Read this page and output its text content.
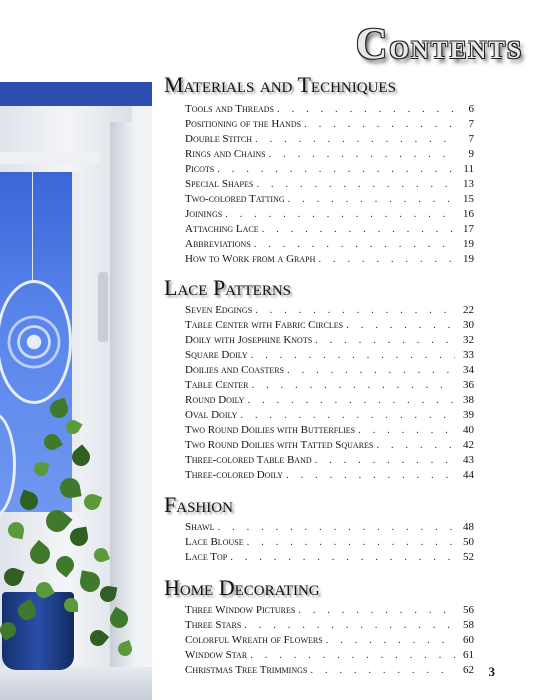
Contents
Materials and Techniques
Tools and Threads . . .	6
Positioning of the Hands . . .	7
Double Stitch . . .	7
Rings and Chains . . .	9
Picots . . .	11
Special Shapes . . .	13
Two-colored Tatting . . .	15
Joinings . . .	16
Attaching Lace . . .	17
Abbreviations . . .	19
How to Work from a Graph . . .	19
Lace Patterns
Seven Edgings . . .	22
Table Center with Fabric Circles . . .	30
Doily with Josephine Knots . . .	32
Square Doily . . .	33
Doilies and Coasters . . .	34
Table Center . . .	36
Round Doily . . .	38
Oval Doily . . .	39
Two Round Doilies with Butterflies . . .	40
Two Round Doilies with Tatted Squares . . .	42
Three-colored Table Band . . .	43
Three-colored Doily . . .	44
Fashion
Shawl . . .	48
Lace Blouse . . .	50
Lace Top . . .	52
Home Decorating
Three Window Pictures . . .	56
Three Stars . . .	58
Colorful Wreath of Flowers . . .	60
Window Star . . .	61
Christmas Tree Trimmings . . .	62 3
